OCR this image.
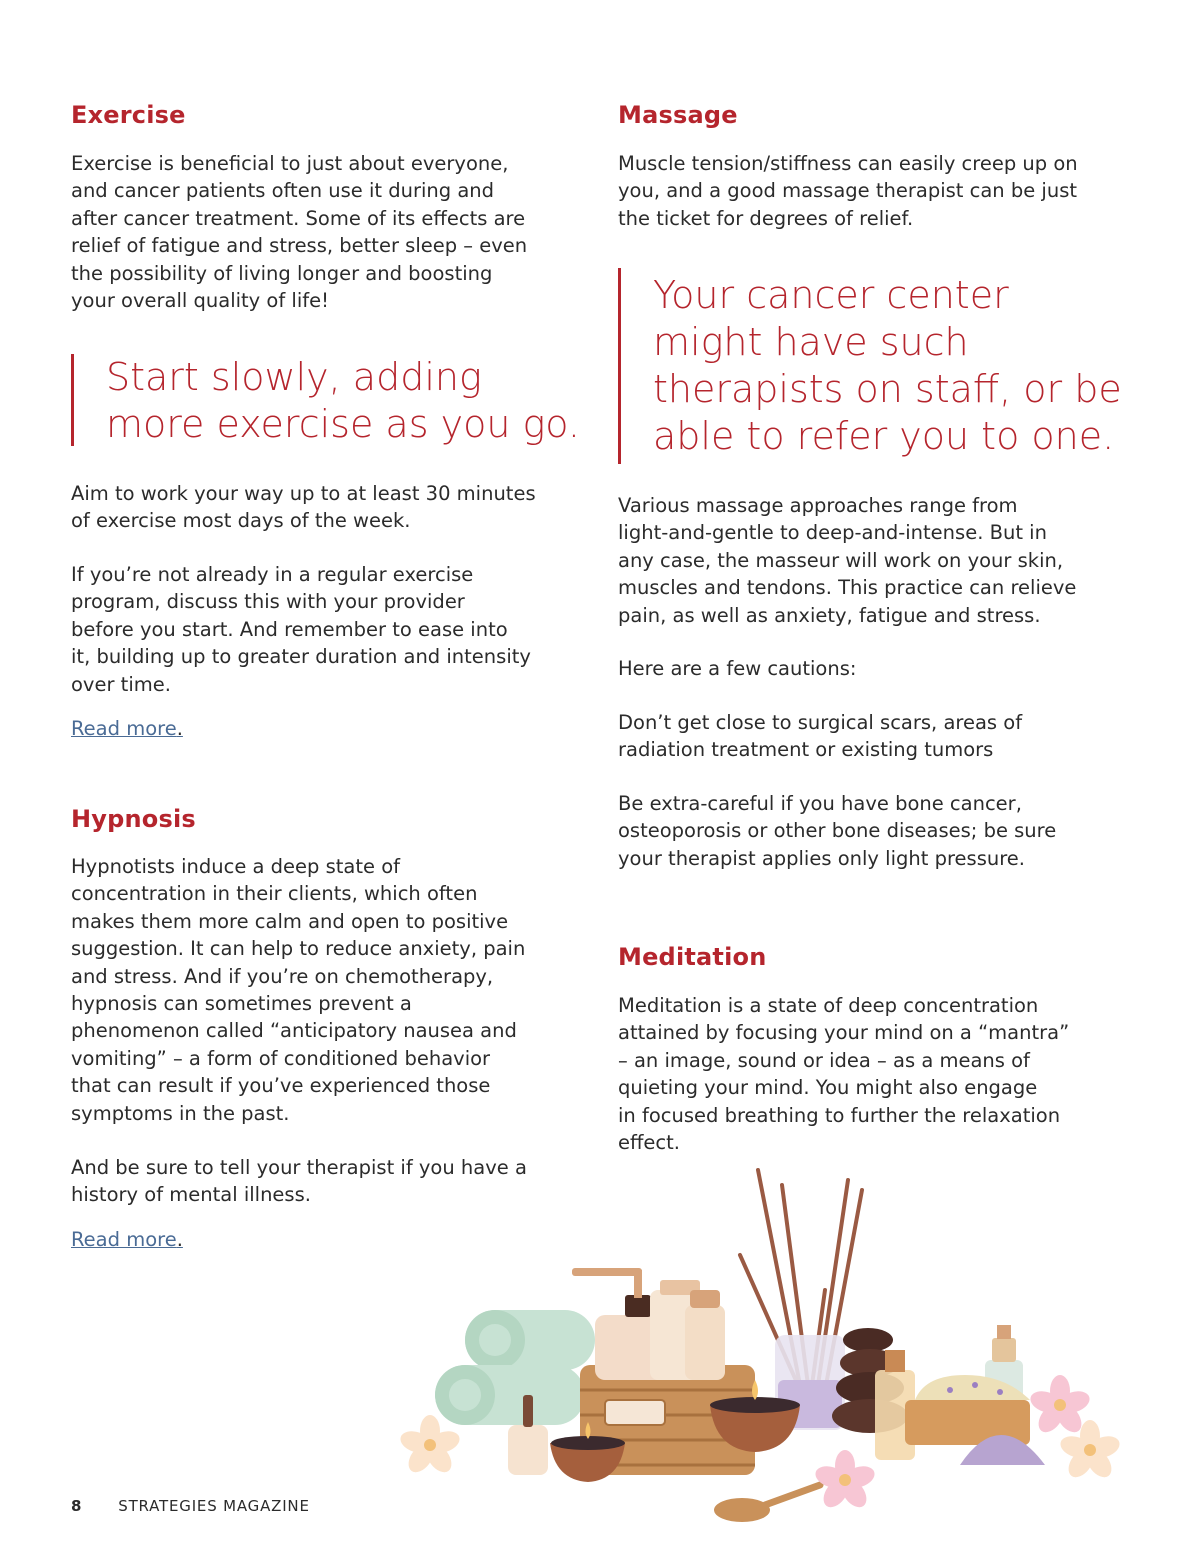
Exercise

Exercise is beneficial to just about everyone,
and cancer patients often use it during and
after cancer treatment. Some of its effects are
relief of fatigue and stress, better sleep – even
the possibility of living longer and boosting
your overall quality of life!

Start slowly, adding
more exercise as you go.

Aim to work your way up to at least 30 minutes
of exercise most days of the week.

If you’re not already in a regular exercise
program, discuss this with your provider
before you start. And remember to ease into
it, building up to greater duration and intensity
over time.

Read more.

Hypnosis

Hypnotists induce a deep state of
concentration in their clients, which often
makes them more calm and open to positive
suggestion. It can help to reduce anxiety, pain
and stress. And if you’re on chemotherapy,
hypnosis can sometimes prevent a
phenomenon called “anticipatory nausea and
vomiting” – a form of conditioned behavior
that can result if you’ve experienced those
symptoms in the past.

And be sure to tell your therapist if you have a
history of mental illness.

Read more.

Massage

Muscle tension/stiffness can easily creep up on
you, and a good massage therapist can be just
the ticket for degrees of relief.

Your cancer center
might have such
therapists on staff, or be
able to refer you to one.

Various massage approaches range from
light-and-gentle to deep-and-intense. But in
any case, the masseur will work on your skin,
muscles and tendons. This practice can relieve
pain, as well as anxiety, fatigue and stress.

Here are a few cautions:

Don’t get close to surgical scars, areas of
radiation treatment or existing tumors

Be extra-careful if you have bone cancer,
osteoporosis or other bone diseases; be sure
your therapist applies only light pressure.

Meditation

Meditation is a state of deep concentration
attained by focusing your mind on a “mantra”
– an image, sound or idea – as a means of
quieting your mind. You might also engage
in focused breathing to further the relaxation
effect.

8 STRATEGIES MAGAZINE
